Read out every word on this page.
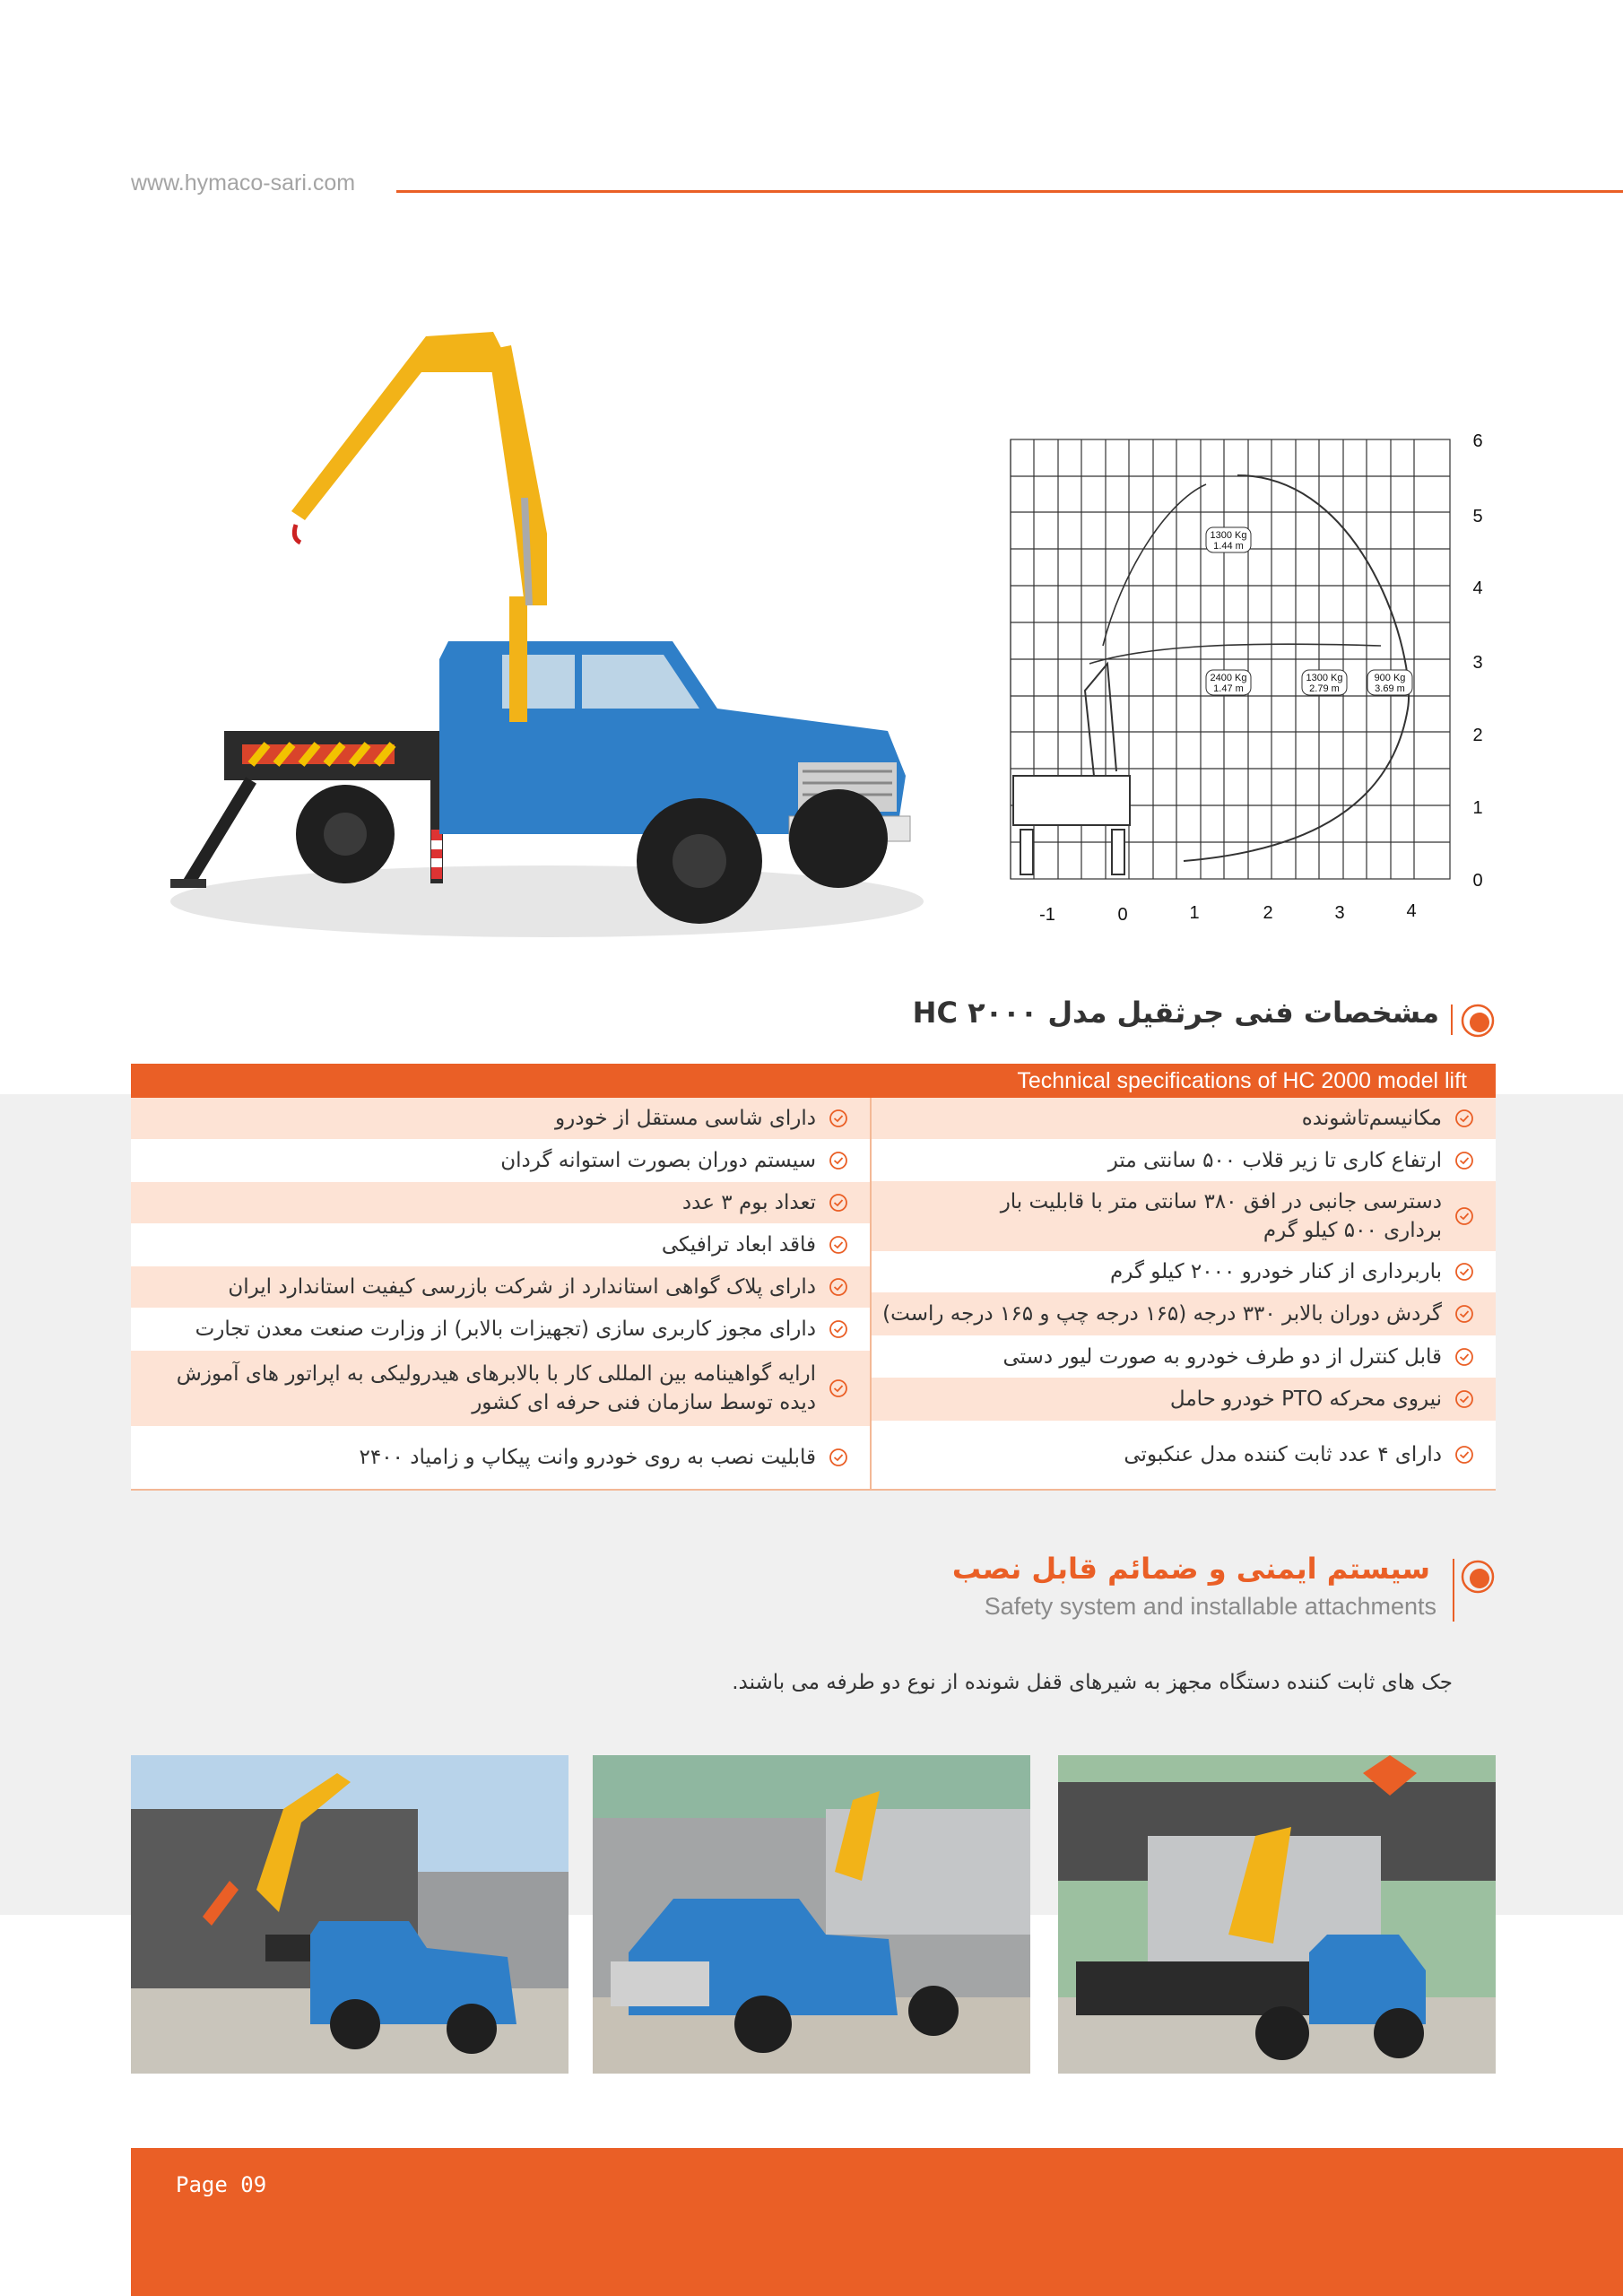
www.hymaco-sari.com
6
5
4
3
2
1
0
-1	0	1	2	3	4
1300 Kg
1.44 m
2400 Kg
1.47 m
1300 Kg
2.79 m
900 Kg
3.69 m
مشخصات فنی جرثقیل مدل HC ۲۰۰۰
Technical specifications of HC 2000 model lift
مکانیسم‌تاشونده
ارتفاع کاری تا زیر قلاب ۵۰۰ سانتی متر
دسترسی جانبی در افق ۳۸۰ سانتی متر با قابلیت بار برداری ۵۰۰ کیلو گرم
باربرداری از کنار خودرو ۲۰۰۰ کیلو گرم
گردش دوران بالابر ۳۳۰ درجه (۱۶۵ درجه چپ و ۱۶۵ درجه راست)
قابل کنترل از دو طرف خودرو به صورت لیور دستی
نیروی محرکه PTO خودرو حامل
دارای ۴ عدد ثابت کننده مدل عنکبوتی
دارای شاسی مستقل از خودرو
سیستم دوران بصورت استوانه گردان
تعداد بوم ۳ عدد
فاقد ابعاد ترافیکی
دارای پلاک گواهی استاندارد از شرکت بازرسی کیفیت استاندارد ایران
دارای مجوز کاربری سازی (تجهیزات بالابر) از وزارت صنعت معدن تجارت
ارایه گواهینامه بین المللی کار با بالابرهای هیدرولیکی به اپراتور های آموزش دیده توسط سازمان فنی حرفه ای کشور
قابلیت نصب به روی خودرو وانت پیکاپ و زامیاد ۲۴۰۰
سیستم ایمنی و ضمائم قابل نصب
Safety system and installable attachments
جک های ثابت کننده دستگاه مجهز به شیرهای قفل شونده از نوع دو طرفه می باشند.
Page 09
